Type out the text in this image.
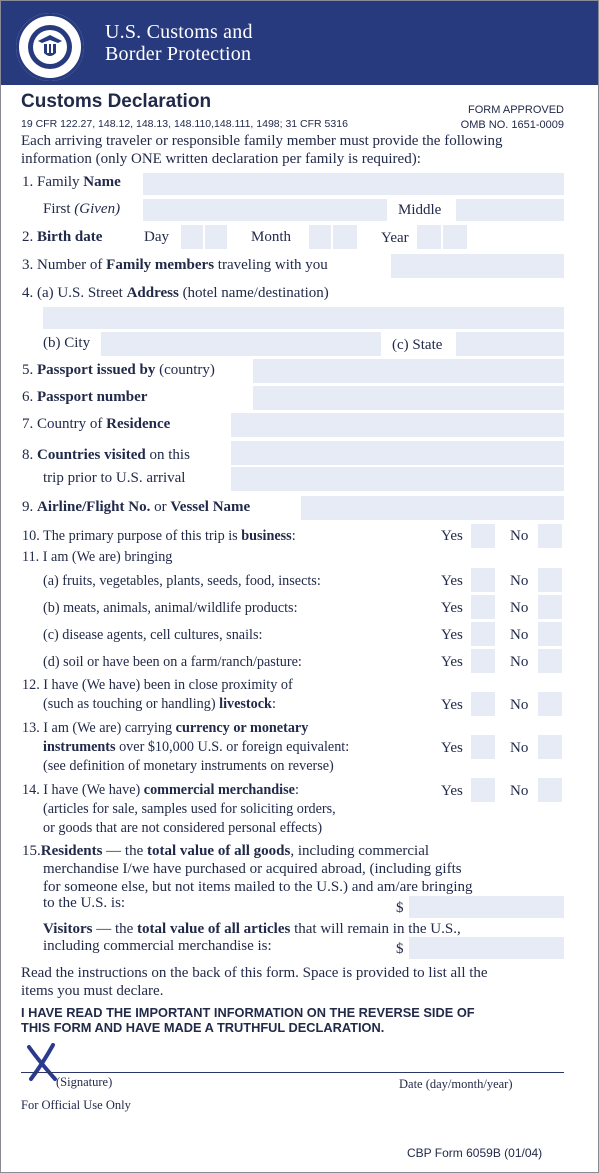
U.S. Customs and
Border Protection
Customs Declaration	FORM APPROVED
OMB NO. 1651-0009
19 CFR 122.27, 148.12, 148.13, 148.110,148.111, 1498; 31 CFR 5316
Each arriving traveler or responsible family member must provide the following
information (only ONE written declaration per family is required):
1. Family Name
First (Given)	Middle
2. Birth date	Day	Month	Year
3. Number of Family members traveling with you
4. (a) U.S. Street Address (hotel name/destination)
(b) City	(c) State
5. Passport issued by (country)
6. Passport number
7. Country of Residence
8. Countries visited on this
trip prior to U.S. arrival
9. Airline/Flight No. or Vessel Name
10. The primary purpose of this trip is business:	Yes	No
11. I am (We are) bringing
(a) fruits, vegetables, plants, seeds, food, insects:	Yes	No
(b) meats, animals, animal/wildlife products:	Yes	No
(c) disease agents, cell cultures, snails:	Yes	No
(d) soil or have been on a farm/ranch/pasture:	Yes	No
12. I have (We have) been in close proximity of
(such as touching or handling) livestock:	Yes	No
13. I am (We are) carrying currency or monetary
instruments over $10,000 U.S. or foreign equivalent:
(see definition of monetary instruments on reverse)
Yes	No
14. I have (We have) commercial merchandise:
(articles for sale, samples used for soliciting orders,
or goods that are not considered personal effects)
Yes	No
15.Residents — the total value of all goods, including commercial
merchandise I/we have purchased or acquired abroad, (including gifts
for someone else, but not items mailed to the U.S.) and am/are bringing
to the U.S. is:	$
Visitors — the total value of all articles that will remain in the U.S.,
including commercial merchandise is:	$
Read the instructions on the back of this form. Space is provided to list all the
items you must declare.
I HAVE READ THE IMPORTANT INFORMATION ON THE REVERSE SIDE OF
THIS FORM AND HAVE MADE A TRUTHFUL DECLARATION.
(Signature)	Date (day/month/year)
For Official Use Only
CBP Form 6059B (01/04)
